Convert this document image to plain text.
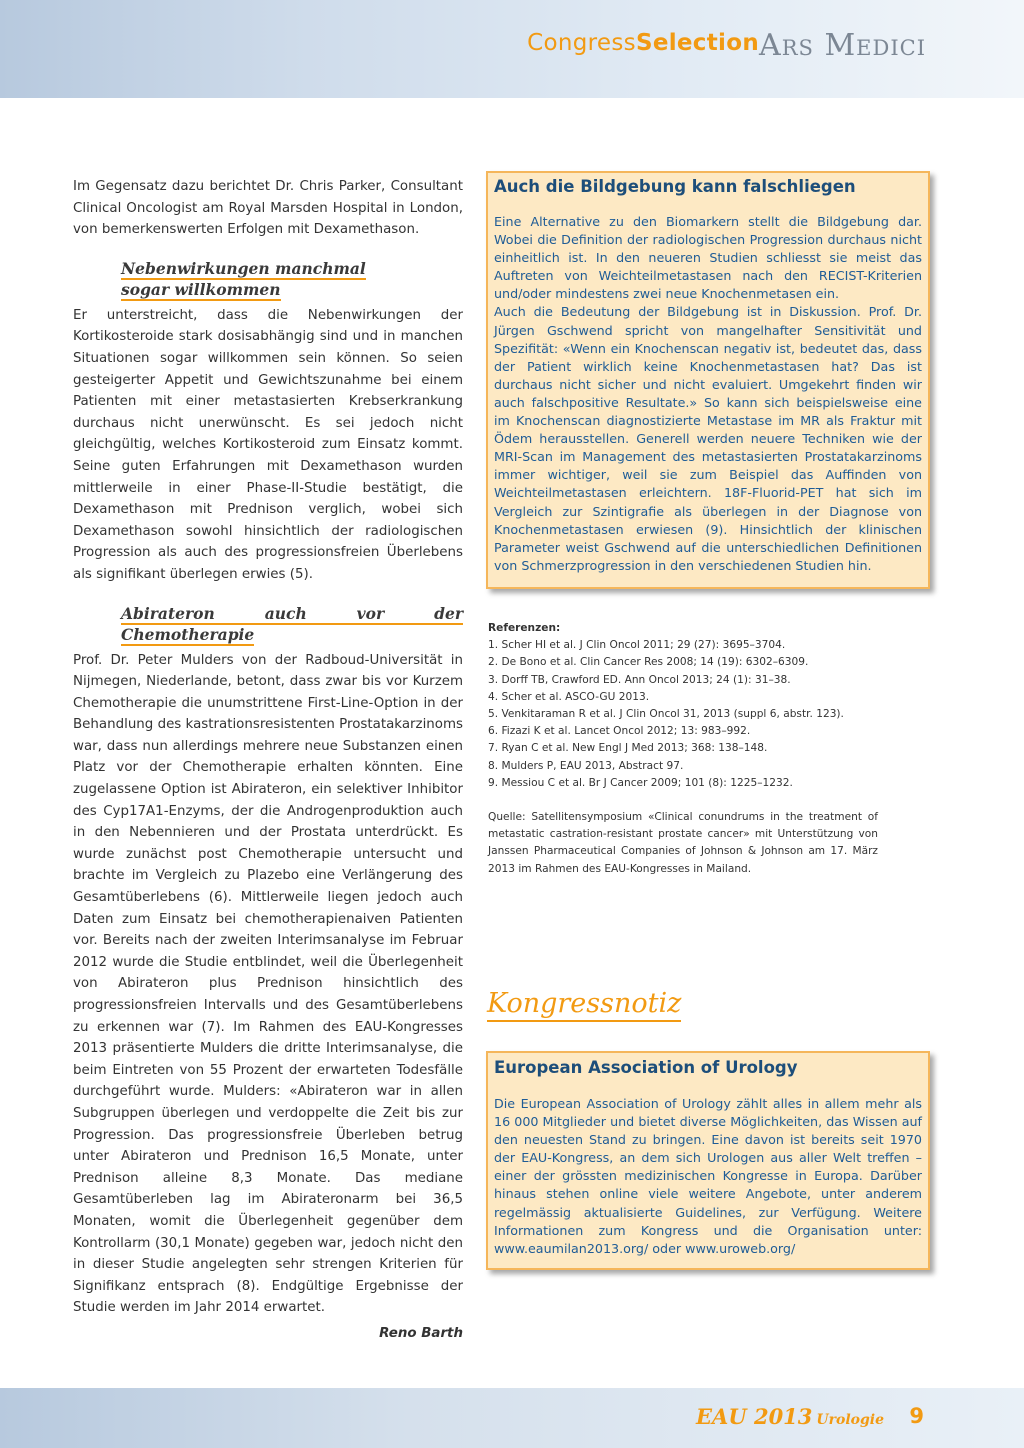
CongressSelection Ars Medici

Im Gegensatz dazu berichtet Dr. Chris Parker, Consultant Clinical Oncologist am Royal Marsden Hospital in London, von bemerkenswerten Erfolgen mit Dexamethason.

Nebenwirkungen manchmal
sogar willkommen

Er unterstreicht, dass die Nebenwirkungen der Kortikosteroide stark dosisabhängig sind und in manchen Situationen sogar willkommen sein können. So seien gesteigerter Appetit und Gewichtszunahme bei einem Patienten mit einer metastasierten Krebserkrankung durchaus nicht unerwünscht. Es sei jedoch nicht gleichgültig, welches Kortikosteroid zum Einsatz kommt. Seine guten Erfahrungen mit Dexamethason wurden mittlerweile in einer Phase-II-Studie bestätigt, die Dexamethason mit Prednison verglich, wobei sich Dexamethason sowohl hinsichtlich der radiologischen Progression als auch des progressionsfreien Überlebens als signifikant überlegen erwies (5).

Abirateron auch vor der Chemotherapie

Prof. Dr. Peter Mulders von der Radboud-Universität in Nijmegen, Niederlande, betont, dass zwar bis vor Kurzem Chemotherapie die unumstrittene First-Line-Option in der Behandlung des kastrationsresistenten Prostatakarzinoms war, dass nun allerdings mehrere neue Substanzen einen Platz vor der Chemotherapie erhalten könnten. Eine zugelassene Option ist Abirateron, ein selektiver Inhibitor des Cyp17A1-Enzyms, der die Androgenproduktion auch in den Nebennieren und der Prostata unterdrückt. Es wurde zunächst post Chemotherapie untersucht und brachte im Vergleich zu Plazebo eine Verlängerung des Gesamtüberlebens (6). Mittlerweile liegen jedoch auch Daten zum Einsatz bei chemotherapienaiven Patienten vor. Bereits nach der zweiten Interimsanalyse im Februar 2012 wurde die Studie entblindet, weil die Überlegenheit von Abirateron plus Prednison hinsichtlich des progressionsfreien Intervalls und des Gesamtüberlebens zu erkennen war (7). Im Rahmen des EAU-Kongresses 2013 präsentierte Mulders die dritte Interimsanalyse, die beim Eintreten von 55 Prozent der erwarteten Todesfälle durchgeführt wurde. Mulders: «Abirateron war in allen Subgruppen überlegen und verdoppelte die Zeit bis zur Progression. Das progressionsfreie Überleben betrug unter Abirateron und Prednison 16,5 Monate, unter Prednison alleine 8,3 Monate. Das mediane Gesamtüberleben lag im Abirateronarm bei 36,5 Monaten, womit die Überlegenheit gegenüber dem Kontrollarm (30,1 Monate) gegeben war, jedoch nicht den in dieser Studie angelegten sehr strengen Kriterien für Signifikanz entsprach (8). Endgültige Ergebnisse der Studie werden im Jahr 2014 erwartet.

Reno Barth

Auch die Bildgebung kann falschliegen

Eine Alternative zu den Biomarkern stellt die Bildgebung dar. Wobei die Definition der radiologischen Progression durchaus nicht einheitlich ist. In den neueren Studien schliesst sie meist das Auftreten von Weichteilmetastasen nach den RECIST-Kriterien und/oder mindestens zwei neue Knochenmetasen ein.

Auch die Bedeutung der Bildgebung ist in Diskussion. Prof. Dr. Jürgen Gschwend spricht von mangelhafter Sensitivität und Spezifität: «Wenn ein Knochenscan negativ ist, bedeutet das, dass der Patient wirklich keine Knochenmetastasen hat? Das ist durchaus nicht sicher und nicht evaluiert. Umgekehrt finden wir auch falschpositive Resultate.» So kann sich beispielsweise eine im Knochenscan diagnostizierte Metastase im MR als Fraktur mit Ödem herausstellen. Generell werden neuere Techniken wie der MRI-Scan im Management des metastasierten Prostatakarzinoms immer wichtiger, weil sie zum Beispiel das Auffinden von Weichteilmetastasen erleichtern. 18F-Fluorid-PET hat sich im Vergleich zur Szintigrafie als überlegen in der Diagnose von Knochenmetastasen erwiesen (9). Hinsichtlich der klinischen Parameter weist Gschwend auf die unterschiedlichen Definitionen von Schmerzprogression in den verschiedenen Studien hin.

Referenzen:

1. Scher HI et al. J Clin Oncol 2011; 29 (27): 3695–3704.
2. De Bono et al. Clin Cancer Res 2008; 14 (19): 6302–6309.
3. Dorff TB, Crawford ED. Ann Oncol 2013; 24 (1): 31–38.
4. Scher et al. ASCO-GU 2013.
5. Venkitaraman R et al. J Clin Oncol 31, 2013 (suppl 6, abstr. 123).
6. Fizazi K et al. Lancet Oncol 2012; 13: 983–992.
7. Ryan C et al. New Engl J Med 2013; 368: 138–148.
8. Mulders P, EAU 2013, Abstract 97.
9. Messiou C et al. Br J Cancer 2009; 101 (8): 1225–1232.

Quelle: Satellitensymposium «Clinical conundrums in the treatment of metastatic castration-resistant prostate cancer» mit Unterstützung von Janssen Pharmaceutical Companies of Johnson & Johnson am 17. März 2013 im Rahmen des EAU-Kongresses in Mailand.

Kongressnotiz

European Association of Urology

Die European Association of Urology zählt alles in allem mehr als 16 000 Mitglieder und bietet diverse Möglichkeiten, das Wissen auf den neuesten Stand zu bringen. Eine davon ist bereits seit 1970 der EAU-Kongress, an dem sich Urologen aus aller Welt treffen – einer der grössten medizinischen Kongresse in Europa. Darüber hinaus stehen online viele weitere Angebote, unter anderem regelmässig aktualisierte Guidelines, zur Verfügung. Weitere Informationen zum Kongress und die Organisation unter: www.eaumilan2013.org/ oder www.uroweb.org/

EAU 2013 Urologie 9
